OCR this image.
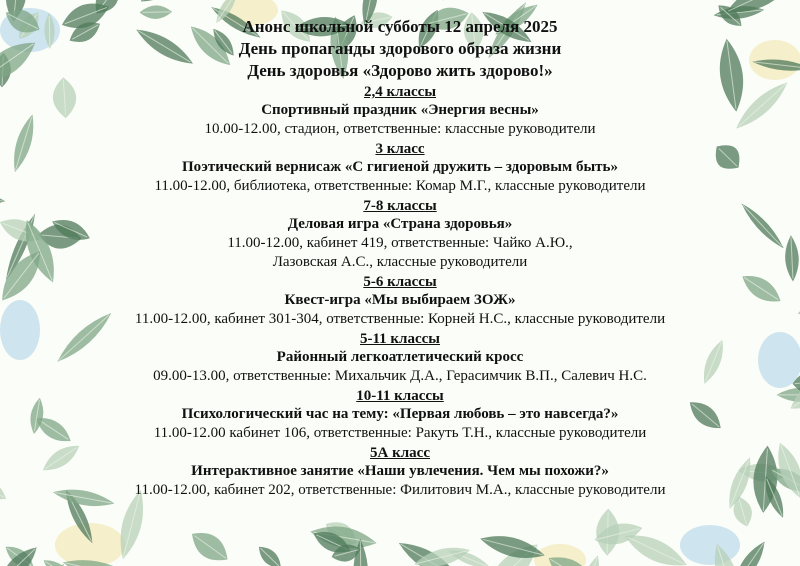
Анонс школьной субботы 12 апреля 2025
День пропаганды здорового образа жизни
День здоровья «Здорово жить здорово!»
2,4 классы
Спортивный праздник «Энергия весны»
10.00-12.00, стадион, ответственные: классные руководители
3 класс
Поэтический вернисаж «С гигиеной дружить – здоровым быть»
11.00-12.00, библиотека, ответственные: Комар М.Г., классные руководители
7-8 классы
Деловая игра «Страна здоровья»
11.00-12.00, кабинет 419, ответственные: Чайко А.Ю.,
Лазовская А.С., классные руководители
5-6 классы
Квест-игра «Мы выбираем ЗОЖ»
11.00-12.00, кабинет 301-304, ответственные: Корней Н.С., классные руководители
5-11 классы
Районный легкоатлетический кросс
09.00-13.00, ответственные: Михальчик Д.А., Герасимчик В.П., Салевич Н.С.
10-11 классы
Психологический час на тему: «Первая любовь – это навсегда?»
11.00-12.00 кабинет 106, ответственные: Ракуть Т.Н., классные руководители
5А класс
Интерактивное занятие «Наши увлечения. Чем мы похожи?»
11.00-12.00, кабинет 202, ответственные: Филитович М.А., классные руководители
